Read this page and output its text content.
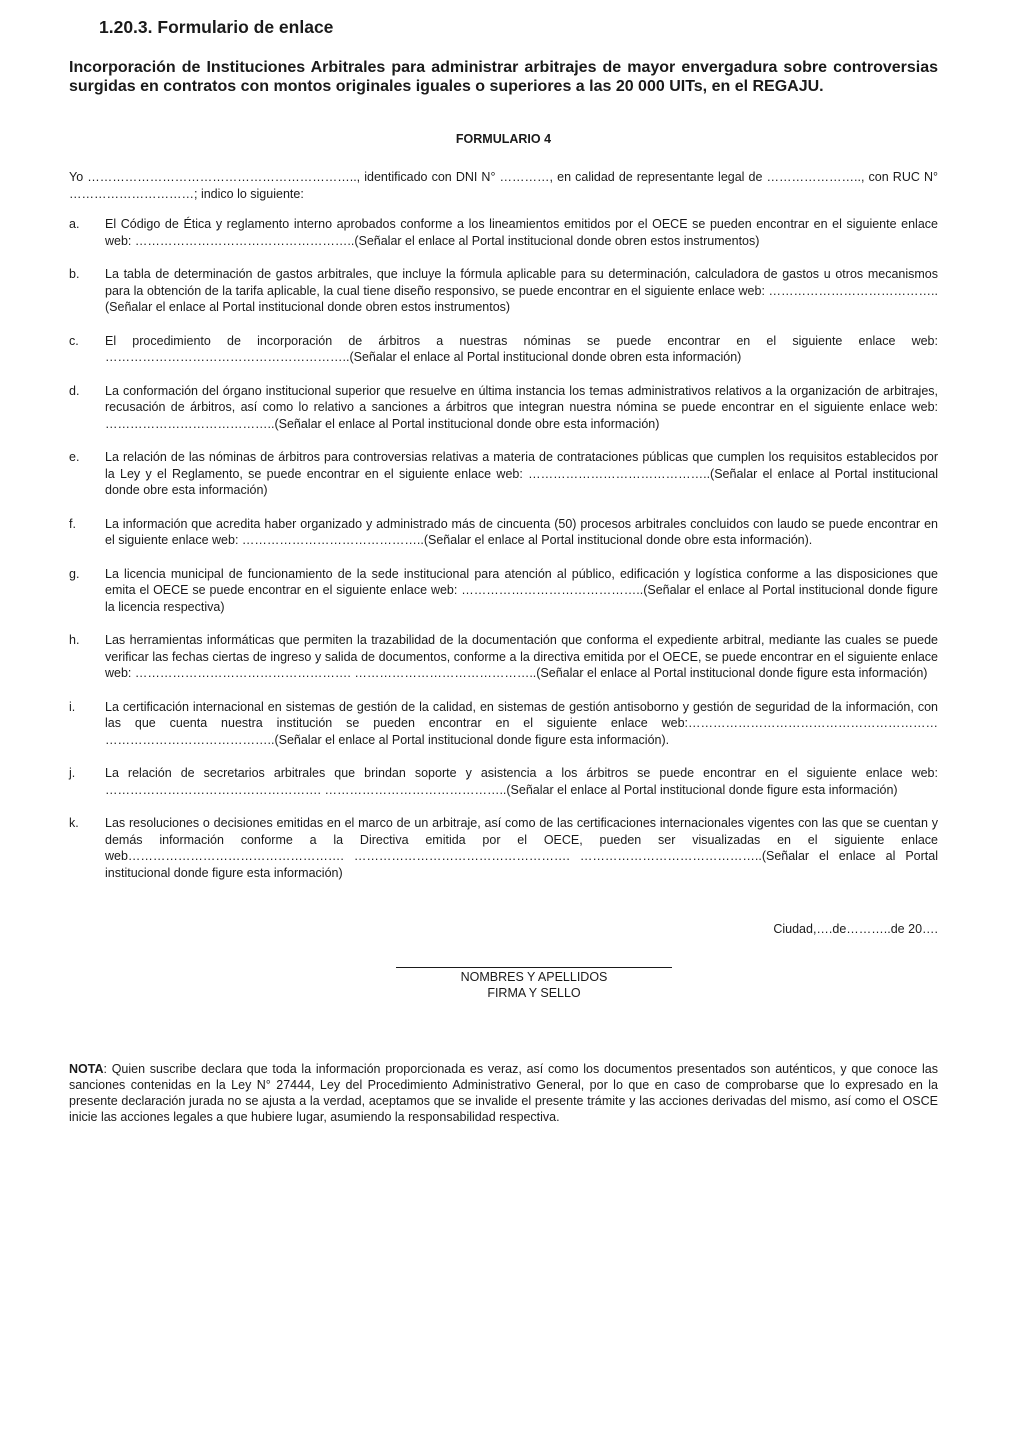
1.20.3. Formulario de enlace

Incorporación de Instituciones Arbitrales para administrar arbitrajes de mayor envergadura sobre controversias surgidas en contratos con montos originales iguales o superiores a las 20 000 UITs, en el REGAJU.

FORMULARIO 4

Yo ……………………………………………………….., identificado con DNI N° …………, en calidad de representante legal de ………………….., con RUC N° …………………………; indico lo siguiente:

a.	El Código de Ética y reglamento interno aprobados conforme a los lineamientos emitidos por el OECE se pueden encontrar en el siguiente enlace web: ……………………………………………..(Señalar el enlace al Portal institucional donde obren estos instrumentos)
b.	La tabla de determinación de gastos arbitrales, que incluye la fórmula aplicable para su determinación, calculadora de gastos u otros mecanismos para la obtención de la tarifa aplicable, la cual tiene diseño responsivo, se puede encontrar en el siguiente enlace web: …………………………………..(Señalar el enlace al Portal institucional donde obren estos instrumentos)
c.	El procedimiento de incorporación de árbitros a nuestras nóminas se puede encontrar en el siguiente enlace web: …………………………………………………..(Señalar el enlace al Portal institucional donde obren esta información)
d.	La conformación del órgano institucional superior que resuelve en última instancia los temas administrativos relativos a la organización de arbitrajes, recusación de árbitros, así como lo relativo a sanciones a árbitros que integran nuestra nómina se puede encontrar en el siguiente enlace web: …………………………………..(Señalar el enlace al Portal institucional donde obre esta información)
e.	La relación de las nóminas de árbitros para controversias relativas a materia de contrataciones públicas que cumplen los requisitos establecidos por la Ley y el Reglamento, se puede encontrar en el siguiente enlace web: ……………………………………..(Señalar el enlace al Portal institucional donde obre esta información)
f.	La información que acredita haber organizado y administrado más de cincuenta (50) procesos arbitrales concluidos con laudo se puede encontrar en el siguiente enlace web: ……………………………………..(Señalar el enlace al Portal institucional donde obre esta información).
g.	La licencia municipal de funcionamiento de la sede institucional para atención al público, edificación y logística conforme a las disposiciones que emita el OECE se puede encontrar en el siguiente enlace web: ……………………………………..(Señalar el enlace al Portal institucional donde figure la licencia respectiva)
h.	Las herramientas informáticas que permiten la trazabilidad de la documentación que conforma el expediente arbitral, mediante las cuales se puede verificar las fechas ciertas de ingreso y salida de documentos, conforme a la directiva emitida por el OECE, se puede encontrar en el siguiente enlace web: ……………………………………………. ……………………………………..(Señalar el enlace al Portal institucional donde figure esta información)
i.	La certificación internacional en sistemas de gestión de la calidad, en sistemas de gestión antisoborno y gestión de seguridad de la información, con las que cuenta nuestra institución se pueden encontrar en el siguiente enlace web:…………………………………………………… …………………………………..(Señalar el enlace al Portal institucional donde figure esta información).
j.	La relación de secretarios arbitrales que brindan soporte y asistencia a los árbitros se puede encontrar en el siguiente enlace web: ……………………………………………. ……………………………………..(Señalar el enlace al Portal institucional donde figure esta información)
k.	Las resoluciones o decisiones emitidas en el marco de un arbitraje, así como de las certificaciones internacionales vigentes con las que se cuentan y demás información conforme a la Directiva emitida por el OECE, pueden ser visualizadas en el siguiente enlace web……………………………………………. ……………………………………………. ……………………………………..(Señalar el enlace al Portal institucional donde figure esta información)

Ciudad,….de………..de 20….

NOMBRES Y APELLIDOS
FIRMA Y SELLO

NOTA: Quien suscribe declara que toda la información proporcionada es veraz, así como los documentos presentados son auténticos, y que conoce las sanciones contenidas en la Ley N° 27444, Ley del Procedimiento Administrativo General, por lo que en caso de comprobarse que lo expresado en la presente declaración jurada no se ajusta a la verdad, aceptamos que se invalide el presente trámite y las acciones derivadas del mismo, así como el OSCE inicie las acciones legales a que hubiere lugar, asumiendo la responsabilidad respectiva.
